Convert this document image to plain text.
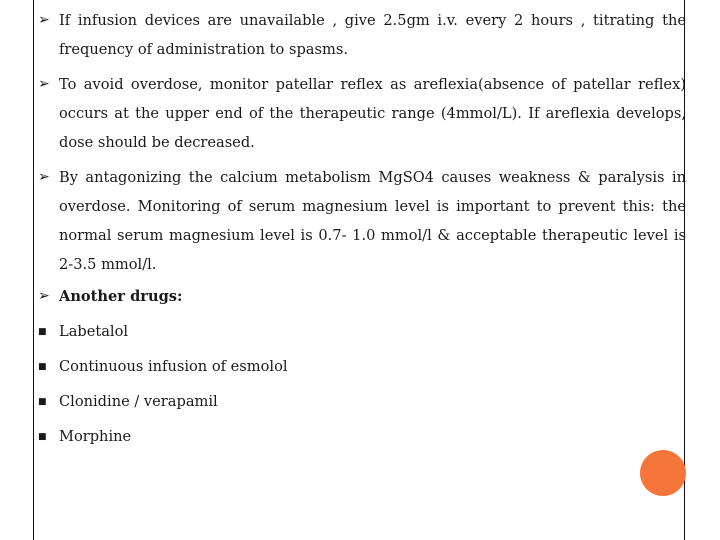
➢ If infusion devices are unavailable , give 2.5gm i.v. every 2 hours , titrating the frequency of administration to spasms.
➢ To avoid overdose, monitor patellar reflex as areflexia(absence of patellar reflex) occurs at the upper end of the therapeutic range (4mmol/L). If areflexia develops, dose should be decreased.
➢ By antagonizing the calcium metabolism MgSO4 causes weakness & paralysis in overdose. Monitoring of serum magnesium level is important to prevent this: the normal serum magnesium level is 0.7- 1.0 mmol/l & acceptable therapeutic level is 2-3.5 mmol/l.
➢ Another drugs:
■ Labetalol
■ Continuous infusion of esmolol
■ Clonidine / verapamil
■ Morphine
